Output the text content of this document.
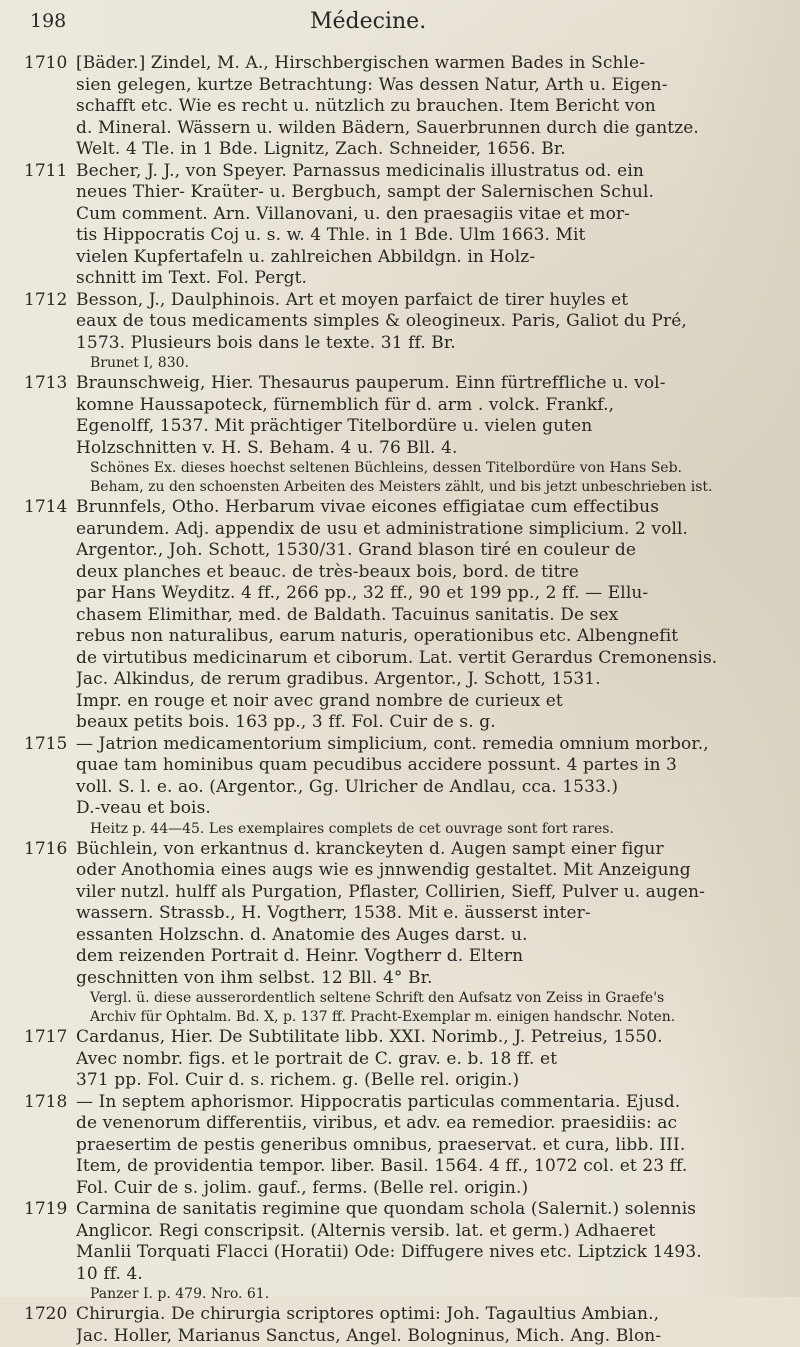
198	Médecine.
1710 [Bäder.] Zindel, M. A., Hirschbergischen warmen Bades in Schle-
sien gelegen, kurtze Betrachtung: Was dessen Natur, Arth u. Eigen-
schafft etc. Wie es recht u. nützlich zu brauchen. Item Bericht von
d. Mineral. Wässern u. wilden Bädern, Sauerbrunnen durch die gantze.
Welt. 4 Tle. in 1 Bde. Lignitz, Zach. Schneider, 1656. Br.
1711 Becher, J. J., von Speyer. Parnassus medicinalis illustratus od. ein
neues Thier- Kraüter- u. Bergbuch, sampt der Salernischen Schul.
Cum comment. Arn. Villanovani, u. den praesagiis vitae et mor-
tis Hippocratis Coj u. s. w. 4 Thle. in 1 Bde. Ulm 1663. Mit
vielen Kupfertafeln u. zahlreichen Abbildgn. in Holz-
schnitt im Text. Fol. Pergt.
1712 Besson, J., Daulphinois. Art et moyen parfaict de tirer huyles et
eaux de tous medicaments simples & oleogineux. Paris, Galiot du Pré,
1573. Plusieurs bois dans le texte. 31 ff. Br.
Brunet I, 830.
1713 Braunschweig, Hier. Thesaurus pauperum. Einn fürtreffliche u. vol-
komne Haussapoteck, fürnemblich für d. arm . volck. Frankf.,
Egenolff, 1537. Mit prächtiger Titelbordüre u. vielen guten
Holzschnitten v. H. S. Beham. 4 u. 76 Bll. 4.
Schönes Ex. dieses hoechst seltenen Büchleins, dessen Titelbordüre von Hans Seb.
Beham, zu den schoensten Arbeiten des Meisters zählt, und bis jetzt unbeschrieben ist.
1714 Brunnfels, Otho. Herbarum vivae eicones effigiatae cum effectibus
earundem. Adj. appendix de usu et administratione simplicium. 2 voll.
Argentor., Joh. Schott, 1530/31. Grand blason tiré en couleur de
deux planches et beauc. de très-beaux bois, bord. de titre
par Hans Weyditz. 4 ff., 266 pp., 32 ff., 90 et 199 pp., 2 ff. — Ellu-
chasem Elimithar, med. de Baldath. Tacuinus sanitatis. De sex
rebus non naturalibus, earum naturis, operationibus etc. Albengnefit
de virtutibus medicinarum et ciborum. Lat. vertit Gerardus Cremonensis.
Jac. Alkindus, de rerum gradibus. Argentor., J. Schott, 1531.
Impr. en rouge et noir avec grand nombre de curieux et
beaux petits bois. 163 pp., 3 ff. Fol. Cuir de s. g.
1715 — Jatrion medicamentorium simplicium, cont. remedia omnium morbor.,
quae tam hominibus quam pecudibus accidere possunt. 4 partes in 3
voll. S. l. e. ao. (Argentor., Gg. Ulricher de Andlau, cca. 1533.)
D.-veau et bois.
Heitz p. 44—45. Les exemplaires complets de cet ouvrage sont fort rares.
1716 Büchlein, von erkantnus d. kranckeyten d. Augen sampt einer figur
oder Anothomia eines augs wie es jnnwendig gestaltet. Mit Anzeigung
viler nutzl. hulff als Purgation, Pflaster, Collirien, Sieff, Pulver u. augen-
wassern. Strassb., H. Vogtherr, 1538. Mit e. äusserst inter-
essanten Holzschn. d. Anatomie des Auges darst. u.
dem reizenden Portrait d. Heinr. Vogtherr d. Eltern
geschnitten von ihm selbst. 12 Bll. 4° Br.
Vergl. ü. diese ausserordentlich seltene Schrift den Aufsatz von Zeiss in Graefe's
Archiv für Ophtalm. Bd. X, p. 137 ff. Pracht-Exemplar m. einigen handschr. Noten.
1717 Cardanus, Hier. De Subtilitate libb. XXI. Norimb., J. Petreius, 1550.
Avec nombr. figs. et le portrait de C. grav. e. b. 18 ff. et
371 pp. Fol. Cuir d. s. richem. g. (Belle rel. origin.)
1718 — In septem aphorismor. Hippocratis particulas commentaria. Ejusd.
de venenorum differentiis, viribus, et adv. ea remedior. praesidiis: ac
praesertim de pestis generibus omnibus, praeservat. et cura, libb. III.
Item, de providentia tempor. liber. Basil. 1564. 4 ff., 1072 col. et 23 ff.
Fol. Cuir de s. jolim. gauf., ferms. (Belle rel. origin.)
1719 Carmina de sanitatis regimine que quondam schola (Salernit.) solennis
Anglicor. Regi conscripsit. (Alternis versib. lat. et germ.) Adhaeret
Manlii Torquati Flacci (Horatii) Ode: Diffugere nives etc. Liptzick 1493.
10 ff. 4.
Panzer I. p. 479. Nro. 61.
1720 Chirurgia. De chirurgia scriptores optimi: Joh. Tagaultius Ambian.,
Jac. Holler, Marianus Sanctus, Angel. Bologninus, Mich. Ang. Blon-
